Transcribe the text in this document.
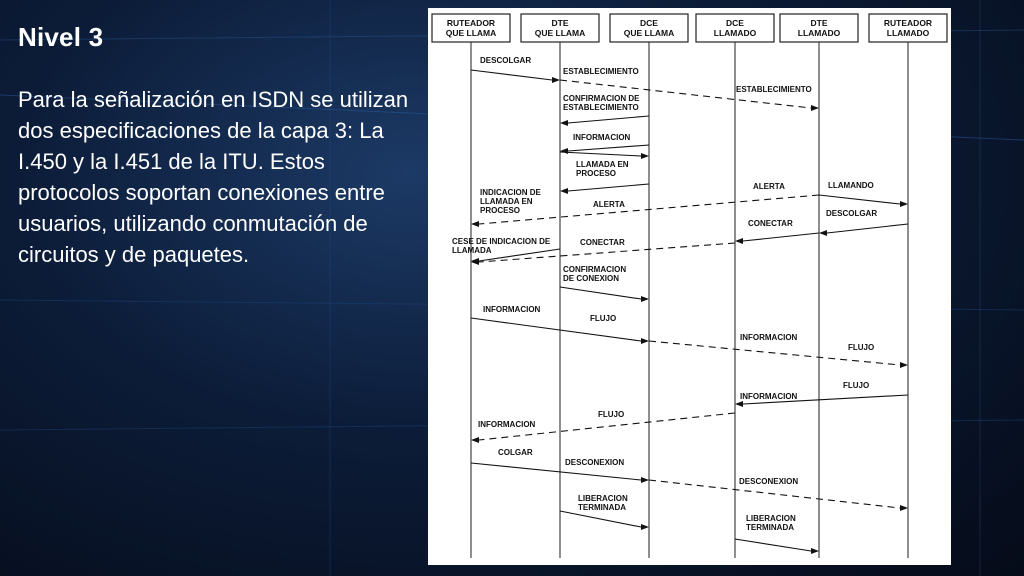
Nivel 3
Para la señalización en ISDN se utilizan dos especificaciones de la capa 3: La I.450 y la I.451 de la ITU. Estos protocolos soportan conexiones entre usuarios, utilizando conmutación de circuitos y de paquetes.
RUTEADOR QUE LLAMA
DTE QUE LLAMA
DCE QUE LLAMA
DCE LLAMADO
DTE LLAMADO
RUTEADOR LLAMADO
DESCOLGAR
ESTABLECIMIENTO
ESTABLECIMIENTO
CONFIRMACION DE ESTABLECIMIENTO
INFORMACION
LLAMADA EN PROCESO
INDICACION DE LLAMADA EN PROCESO
LLAMANDO
ALERTA
ALERTA
DESCOLGAR
CONECTAR
CONECTAR
CESE DE INDICACION DE LLAMADA
CONFIRMACION DE CONEXION
INFORMACION
FLUJO
INFORMACION
FLUJO
FLUJO
INFORMACION
FLUJO
INFORMACION
COLGAR
DESCONEXION
DESCONEXION
LIBERACION TERMINADA
LIBERACION TERMINADA
